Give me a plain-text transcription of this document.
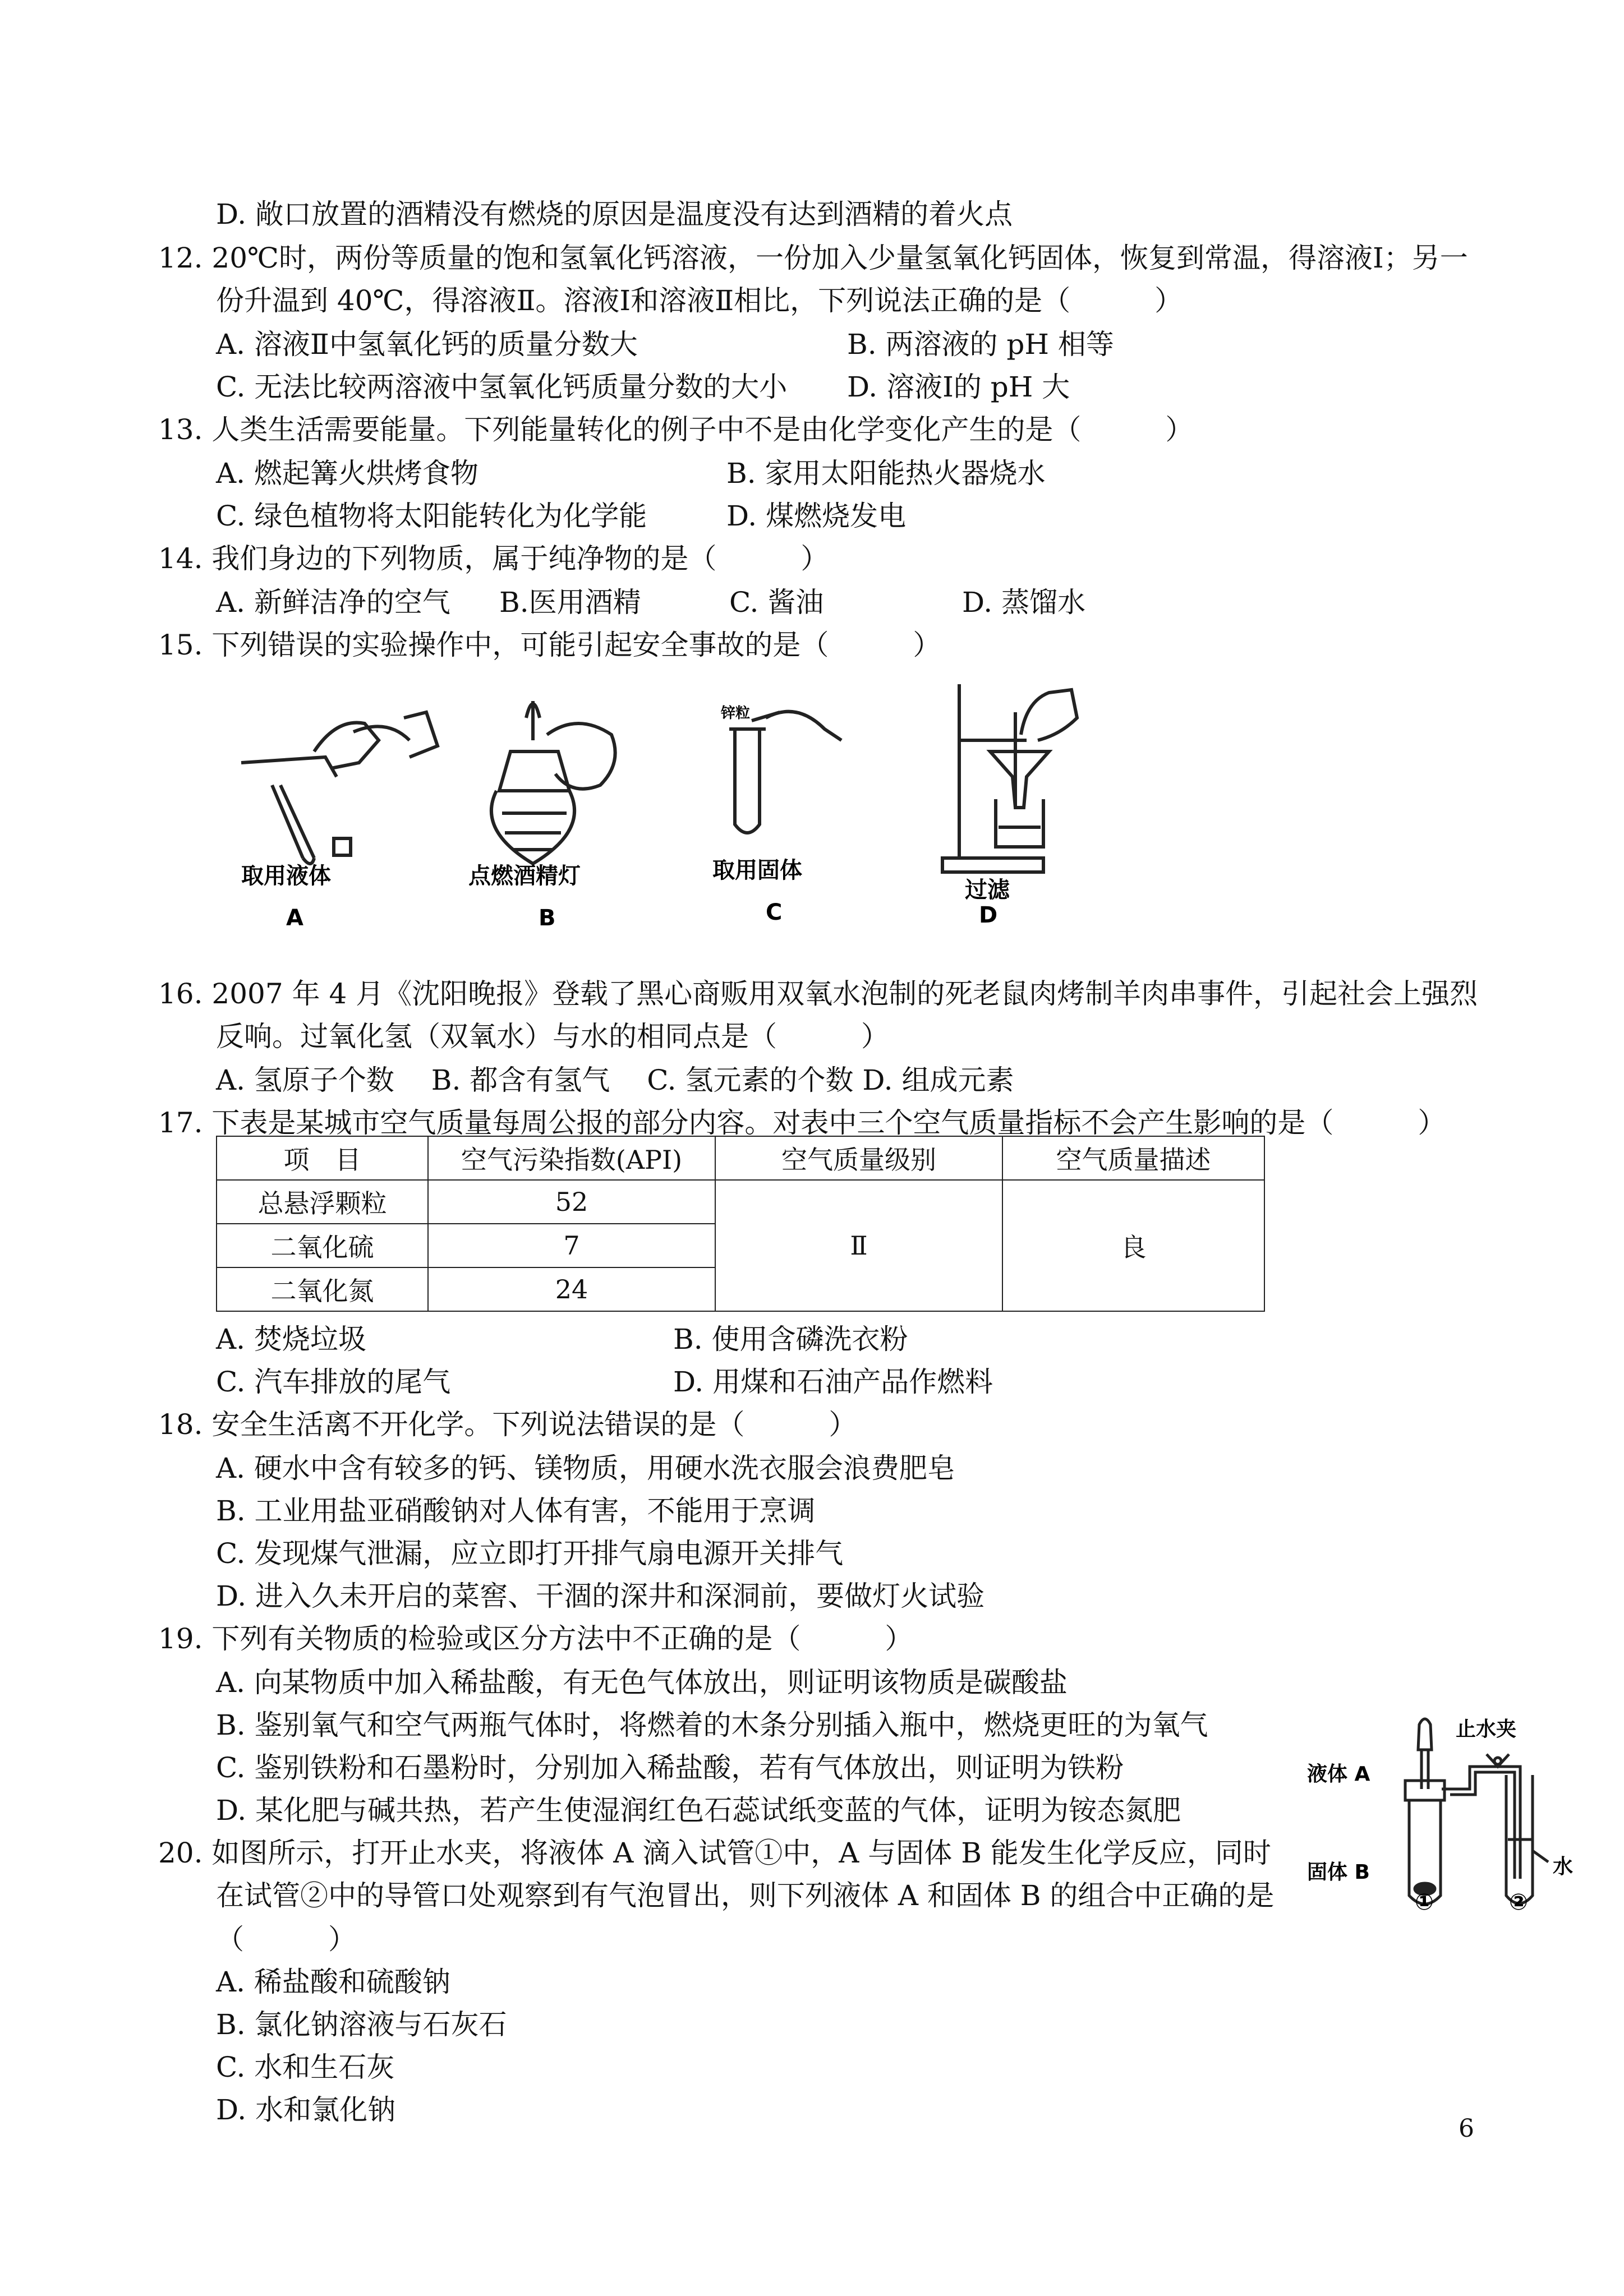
D. 敞口放置的酒精没有燃烧的原因是温度没有达到酒精的着火点
12. 20℃时，两份等质量的饱和氢氧化钙溶液，一份加入少量氢氧化钙固体，恢复到常温，得溶液Ⅰ；另一
份升温到 40℃，得溶液Ⅱ。溶液Ⅰ和溶液Ⅱ相比，下列说法正确的是（　　　）
A. 溶液Ⅱ中氢氧化钙的质量分数大	B. 两溶液的 pH 相等
C. 无法比较两溶液中氢氧化钙质量分数的大小 D. 溶液Ⅰ的 pH 大
13. 人类生活需要能量。下列能量转化的例子中不是由化学变化产生的是（　　　）
A. 燃起篝火烘烤食物	B. 家用太阳能热火器烧水
C. 绿色植物将太阳能转化为化学能	D. 煤燃烧发电
14. 我们身边的下列物质，属于纯净物的是（　　　）
A. 新鲜洁净的空气 B.医用酒精	C. 酱油	D. 蒸馏水
15. 下列错误的实验操作中，可能引起安全事故的是（　　　）
取用液体
A
点燃酒精灯
B
锌粒
取用固体
C
过滤
D
16. 2007 年 4 月《沈阳晚报》登载了黑心商贩用双氧水泡制的死老鼠肉烤制羊肉串事件，引起社会上强烈
反响。过氧化氢（双氧水）与水的相同点是（　　　）
A. 氢原子个数　 B. 都含有氢气　 C. 氢元素的个数 D. 组成元素
17. 下表是某城市空气质量每周公报的部分内容。对表中三个空气质量指标不会产生影响的是（　　　）
项　目	空气污染指数(API)	空气质量级别	空气质量描述
总悬浮颗粒	52	Ⅱ	良
二氧化硫	7		
二氧化氮	24		
A. 焚烧垃圾	B. 使用含磷洗衣粉
C. 汽车排放的尾气	D. 用煤和石油产品作燃料
18. 安全生活离不开化学。下列说法错误的是（　　　）
A. 硬水中含有较多的钙、镁物质，用硬水洗衣服会浪费肥皂
B. 工业用盐亚硝酸钠对人体有害，不能用于烹调
C. 发现煤气泄漏，应立即打开排气扇电源开关排气
D. 进入久未开启的菜窖、干涸的深井和深洞前，要做灯火试验
19. 下列有关物质的检验或区分方法中不正确的是（　　　）
A. 向某物质中加入稀盐酸，有无色气体放出，则证明该物质是碳酸盐
B. 鉴别氧气和空气两瓶气体时，将燃着的木条分别插入瓶中，燃烧更旺的为氧气
C. 鉴别铁粉和石墨粉时，分别加入稀盐酸，若有气体放出，则证明为铁粉
D. 某化肥与碱共热，若产生使湿润红色石蕊试纸变蓝的气体，证明为铵态氮肥
20. 如图所示，打开止水夹，将液体 A 滴入试管①中，A 与固体 B 能发生化学反应，同时
在试管②中的导管口处观察到有气泡冒出，则下列液体 A 和固体 B 的组合中正确的是
（　　　）
A. 稀盐酸和硫酸钠
B. 氯化钠溶液与石灰石
C. 水和生石灰
D. 水和氯化钠
止水夹
液体 A
固体 B	水
①	②
6
